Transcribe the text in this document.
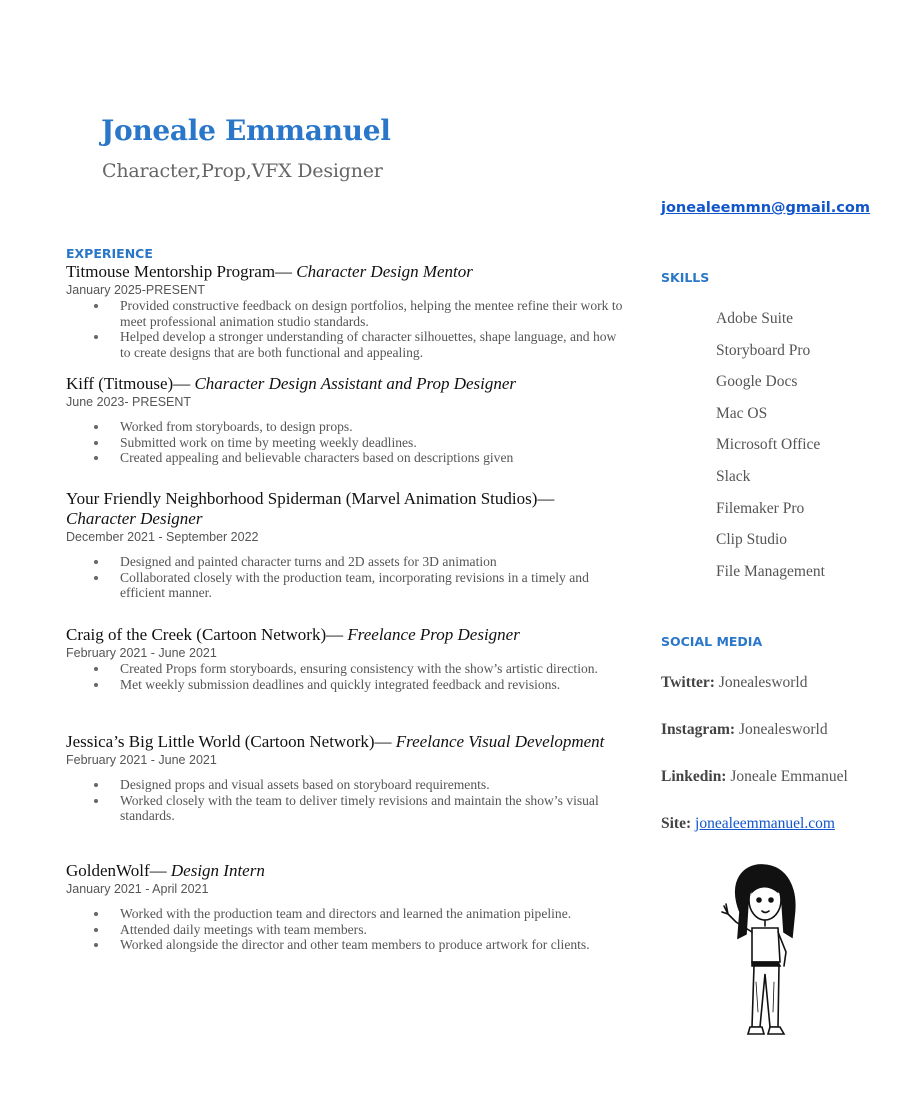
Joneale Emmanuel
Character,Prop,VFX Designer
jonealeemmn@gmail.com
EXPERIENCE
Titmouse Mentorship Program— Character Design Mentor
January 2025-PRESENT
Provided constructive feedback on design portfolios, helping the mentee refine their work to meet professional animation studio standards.
Helped develop a stronger understanding of character silhouettes, shape language, and how to create designs that are both functional and appealing.
Kiff (Titmouse)— Character Design Assistant and Prop Designer
June 2023- PRESENT
Worked from storyboards, to design props.
Submitted work on time by meeting weekly deadlines.
Created appealing and believable characters based on descriptions given
Your Friendly Neighborhood Spiderman (Marvel Animation Studios)— Character Designer
December 2021 - September 2022
Designed and painted character turns and 2D assets for 3D animation
Collaborated closely with the production team, incorporating revisions in a timely and efficient manner.
Craig of the Creek (Cartoon Network)— Freelance Prop Designer
February 2021 - June 2021
Created Props form storyboards, ensuring consistency with the show’s artistic direction.
Met weekly submission deadlines and quickly integrated feedback and revisions.
Jessica’s Big Little World (Cartoon Network)— Freelance Visual Development
February 2021 - June 2021
Designed props and visual assets based on storyboard requirements.
Worked closely with the team to deliver timely revisions and maintain the show’s visual standards.
GoldenWolf— Design Intern
January 2021 - April 2021
Worked with the production team and directors and learned the animation pipeline.
Attended daily meetings with team members.
Worked alongside the director and other team members to produce artwork for clients.
SKILLS
Adobe Suite
Storyboard Pro
Google Docs
Mac OS
Microsoft Office
Slack
Filemaker Pro
Clip Studio
File Management
SOCIAL MEDIA
Twitter: Jonealesworld
Instagram: Jonealesworld
Linkedin: Joneale Emmanuel
Site: jonealeemmanuel.com
